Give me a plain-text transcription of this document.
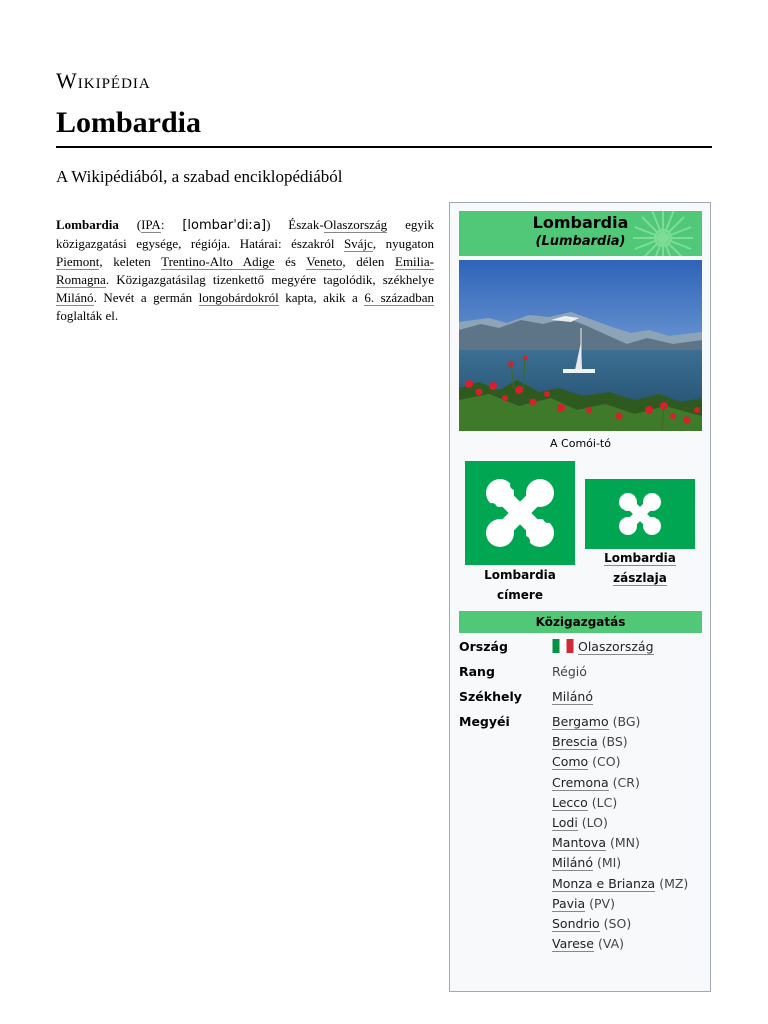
Wikipédia
Lombardia
A Wikipédiából, a szabad enciklopédiából

Lombardia (IPA: [lombarˈdiːa]) Észak-Olaszország egyik közigazgatási egysége, régiója. Határai: északról Svájc, nyugaton Piemont, keleten Trentino-Alto Adige és Veneto, délen Emilia-Romagna. Közigazgatásilag tizenkettő megyére tagolódik, székhelye Milánó. Nevét a germán longobárdokról kapta, akik a 6. században foglalták el.

Lombardia
(Lumbardia)
A Comói-tó
Lombardia
címere
Lombardia
zászlaja
Közigazgatás
Ország	Olaszország
Rang	Régió
Székhely Milánó
Megyéi	Bergamo (BG)
Brescia (BS)
Como (CO)
Cremona (CR)
Lecco (LC)
Lodi (LO)
Mantova (MN)
Milánó (MI)
Monza e Brianza (MZ)
Pavia (PV)
Sondrio (SO)
Varese (VA)
